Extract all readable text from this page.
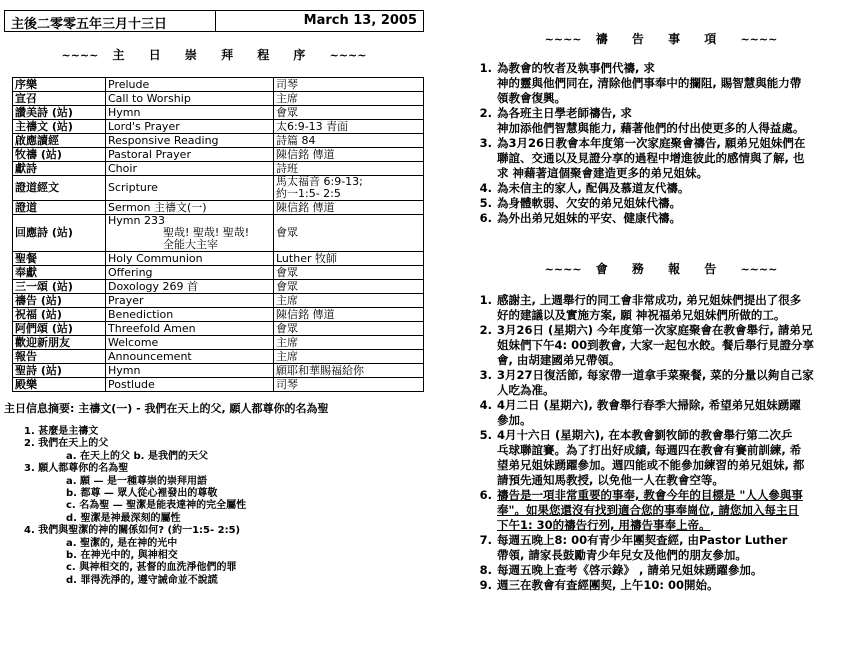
主後二零零五年三月十三日	March 13, 2005
~~~~ 主 日 崇 拜 程 序 ~~~~
序樂	Prelude	司琴

宣召	Call to Worship	主席

讚美詩 (站)	Hymn	會眾

主禱文 (站)	Lord's Prayer	太6:9-13 青面

啟應讀經	Responsive Reading	詩篇 84

牧禱 (站)	Pastoral Prayer	陳信銘 傳道

獻詩	Choir	詩班

證道經文	Scripture	馬太福音 6:9-13;
約一1:5- 2:5

證道	Sermon 主禱文(一)	陳信銘 傳道

回應詩 (站)	Hymn 233
聖哉! 聖哉! 聖哉!
全能大主宰	會眾

聖餐	Holy Communion	Luther 牧師

奉獻	Offering	會眾

三一頌 (站)	Doxology 269 首	會眾

禱告 (站)	Prayer	主席

祝福 (站)	Benediction	陳信銘 傳道

阿們頌 (站)	Threefold Amen	會眾

歡迎新朋友	Welcome	主席

報告	Announcement	主席

聖詩 (站)	Hymn	願耶和華賜福給你

殿樂	Postlude	司琴
主日信息摘要: 主禱文(一) - 我們在天上的父, 願人都尊你的名為聖
1. 甚麼是主禱文
2. 我們在天上的父
a. 在天上的父 b. 是我們的天父
3. 願人都尊你的名為聖
a. 願 — 是一種尊崇的崇拜用語
b. 都尊 — 眾人從心裡發出的尊敬
c. 名為聖 — 聖潔是能表達神的完全屬性
d. 聖潔是神最深刻的屬性
4. 我們與聖潔的神的關係如何? (約一1:5- 2:5)
a. 聖潔的, 是在神的光中
b. 在神光中的, 與神相交
c. 與神相交的, 甚督的血洗淨他們的罪
d. 罪得洗淨的, 遵守誡命並不說謊
~~~~ 禱 告 事 項 ~~~~
1. 為教會的牧者及執事們代禱, 求
神的靈與他們同在, 清除他們事奉中的攔阻, 賜智慧與能力帶
領教會復興。
2. 為各班主日學老師禱告, 求
神加添他們智慧與能力, 藉著他們的付出使更多的人得益處。
3. 為3月26日教會本年度第一次家庭聚會禱告, 願弟兄姐妹們在
聯誼、交通以及見證分享的過程中增進彼此的感情與了解, 也
求 神藉著這個聚會建造更多的弟兄姐妹。
4. 為未信主的家人, 配偶及慕道友代禱。
5. 為身體軟弱、欠安的弟兄姐妹代禱。
6. 為外出弟兄姐妹的平安、健康代禱。
~~~~ 會 務 報 告 ~~~~
1. 感謝主, 上週舉行的同工會非常成功, 弟兄姐妹們提出了很多
好的建議以及實施方案, 願 神祝福弟兄姐妹們所做的工。
2. 3月26日 (星期六) 今年度第一次家庭聚會在教會舉行, 請弟兄
姐妹們下午4: 00到教會, 大家一起包水餃。餐后舉行見證分享
會, 由胡建國弟兄帶領。
3. 3月27日復活節, 每家帶一道拿手菜聚餐, 菜的分量以夠自己家
人吃為准。
4. 4月二日 (星期六), 教會舉行春季大掃除, 希望弟兄姐妹踴躍
參加。
5. 4月十六日 (星期六), 在本教會劉牧師的教會舉行第二次乒
乓球聯誼賽。為了打出好成績, 每週四在教會有賽前訓練, 希
望弟兄姐妹踴躍參加。週四能或不能參加練習的弟兄姐妹, 都
請預先通知馬教授, 以免他一人在教會空等。
6. 禱告是一項非常重要的事奉, 教會今年的目標是 "人人參與事
奉"。如果您還沒有找到適合您的事奉崗位, 請您加入每主日
下午1: 30的禱告行列, 用禱告事奉上帝。
7. 每週五晚上8: 00有青少年團契查經, 由Pastor Luther
帶領, 請家長鼓勵青少年兒女及他們的朋友參加。
8. 每週五晚上查考《啓示錄》 , 請弟兄姐妹踴躍參加。
9. 週三在教會有查經團契, 上午10: 00開始。
